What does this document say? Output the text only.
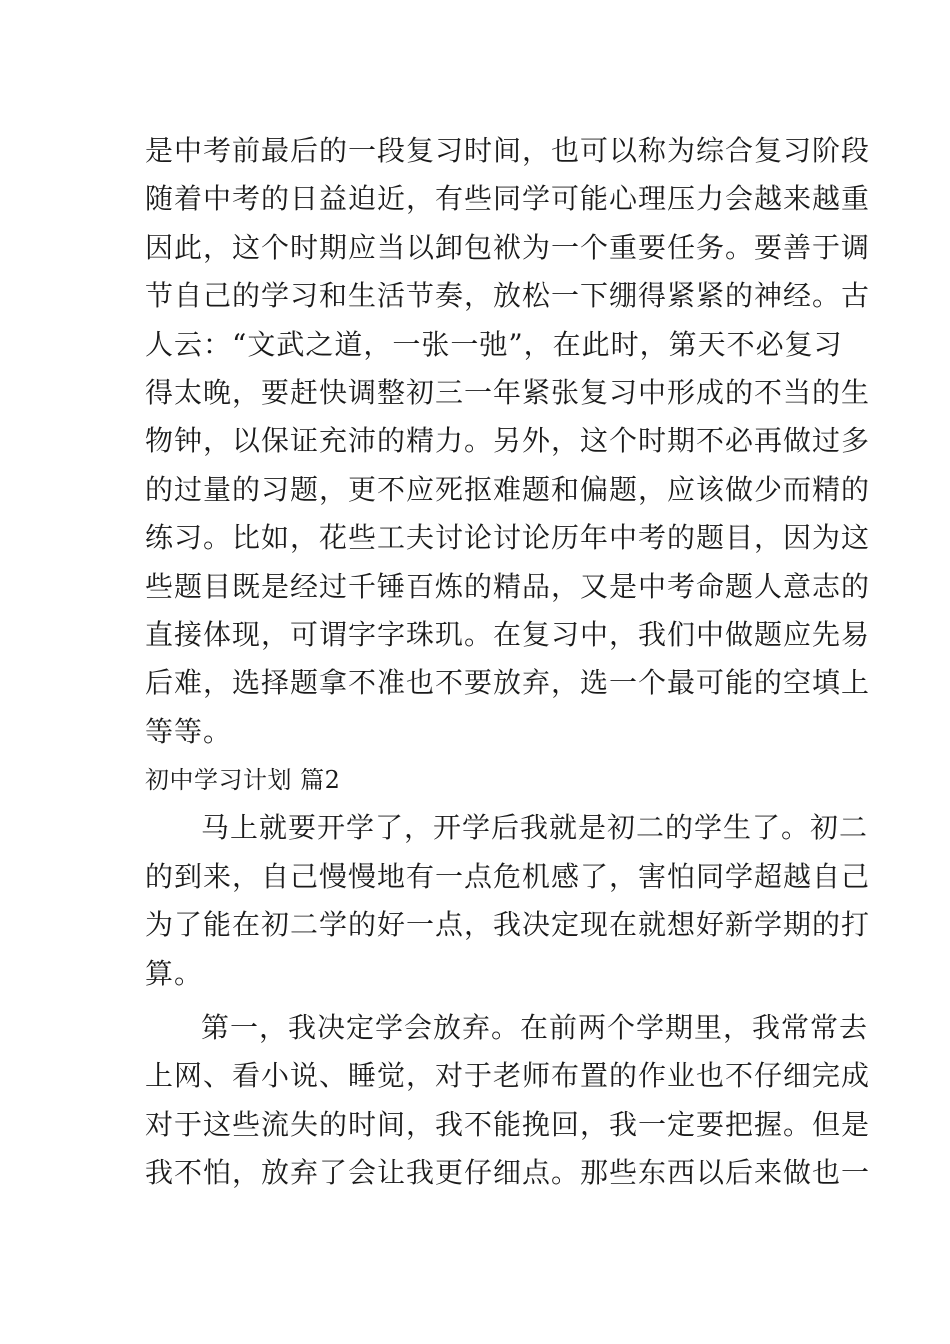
是中考前最后的一段复习时间，也可以称为综合复习阶段
随着中考的日益迫近，有些同学可能心理压力会越来越重
因此，这个时期应当以卸包袱为一个重要任务。要善于调
节自己的学习和生活节奏，放松一下绷得紧紧的神经。古
人云：“文武之道，一张一弛”，在此时，第天不必复习
得太晚，要赶快调整初三一年紧张复习中形成的不当的生
物钟，以保证充沛的精力。另外，这个时期不必再做过多
的过量的习题，更不应死抠难题和偏题，应该做少而精的
练习。比如，花些工夫讨论讨论历年中考的题目，因为这
些题目既是经过千锤百炼的精品，又是中考命题人意志的
直接体现，可谓字字珠玑。在复习中，我们中做题应先易
后难，选择题拿不准也不要放弃，选一个最可能的空填上
等等。
初中学习计划 篇2
马上就要开学了，开学后我就是初二的学生了。初二
的到来，自己慢慢地有一点危机感了，害怕同学超越自己
为了能在初二学的好一点，我决定现在就想好新学期的打
算。
第一，我决定学会放弃。在前两个学期里，我常常去
上网、看小说、睡觉，对于老师布置的作业也不仔细完成
对于这些流失的时间，我不能挽回，我一定要把握。但是
我不怕，放弃了会让我更仔细点。那些东西以后来做也一
